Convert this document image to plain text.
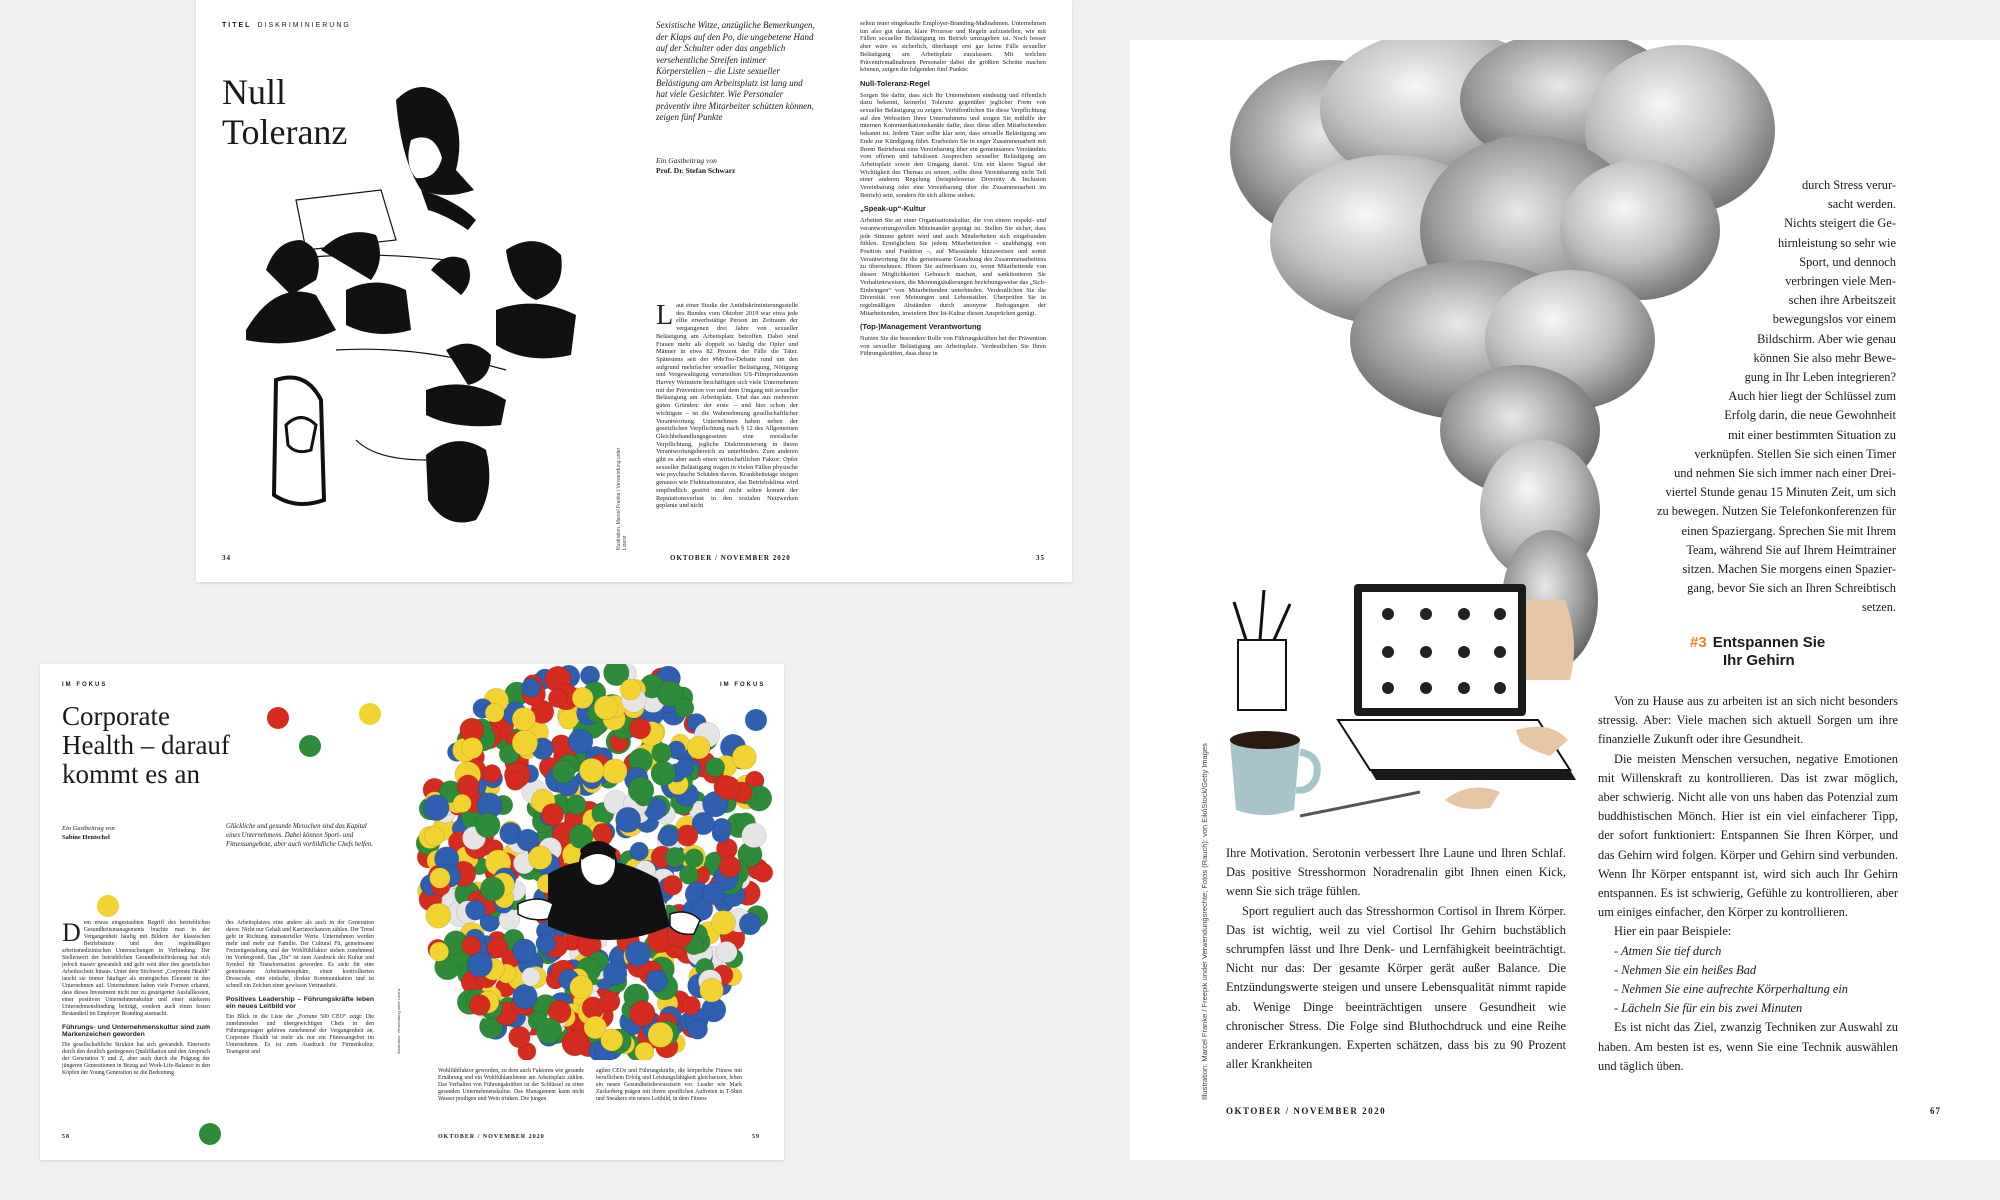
TITEL DISKRIMINIERUNG
Null
Toleranz
Illustration: Marcel Franke / Verwendung unter Lizenz
Sexistische Witze, anzügliche Bemerkungen, der Klaps auf den Po, die ungebetene Hand auf der Schulter oder das angeblich versehentliche Streifen intimer Körperstellen – die Liste sexueller Belästigung am Arbeitsplatz ist lang und hat viele Gesichter. Wie Personaler präventiv ihre Mitarbeiter schützen können, zeigen fünf Punkte
Ein Gastbeitrag von
Prof. Dr. Stefan Schwarz
Laut einer Studie der Antidiskriminierungsstelle des Bundes vom Oktober 2019 war etwa jede elfte erwerbstätige Person im Zeitraum der vergangenen drei Jahre von sexueller Belästigung am Arbeitsplatz betroffen. Dabei sind Frauen mehr als doppelt so häufig die Opfer und Männer in etwa 82 Prozent der Fälle die Täter. Spätestens seit der #MeToo-Debatte rund um den aufgrund mehrfacher sexueller Belästigung, Nötigung und Vergewaltigung verurteilten US-Filmproduzenten Harvey Weinstein beschäftigen sich viele Unternehmen mit der Prävention von und dem Umgang mit sexueller Belästigung am Arbeitsplatz. Und das aus mehreren guten Gründen: der erste – und hier schon der wichtigste – ist die Wahrnehmung gesellschaftlicher Verantwortung. Unternehmen haben neben der gesetzlichen Verpflichtung nach § 12 des Allgemeinen Gleichbehandlungsgesetzes eine moralische Verpflichtung, jegliche Diskriminierung in ihrem Verantwortungsbereich zu unterbinden. Zum anderen gibt es aber auch einen wirtschaftlichen Faktor: Opfer sexueller Belästigung tragen in vielen Fällen physische wie psychische Schäden davon. Krankheitstage steigen genauso wie Fluktuationsraten, das Betriebsklima wird empfindlich gestört und nicht selten kommt der Reputationsverlust in den sozialen Netzwerken geplante und nicht

selten teuer eingekaufte Employer-Branding-Maßnahmen. Unternehmen tun also gut daran, klare Prozesse und Regeln aufzustellen, wie mit Fällen sexueller Belästigung im Betrieb umzugehen ist. Noch besser aber wäre es sicherlich, überhaupt erst gar keine Fälle sexueller Belästigung am Arbeitsplatz zuzulassen. Mit welchen Präventivmaßnahmen Personaler dabei die größten Schritte machen können, zeigen die folgenden fünf Punkte:

Null-Toleranz-Regel

Sorgen Sie dafür, dass sich Ihr Unternehmen eindeutig und öffentlich dazu bekennt, keinerlei Toleranz gegenüber jeglicher Form von sexueller Belästigung zu zeigen. Veröffentlichen Sie diese Verpflichtung auf den Webseiten Ihres Unternehmens und sorgen Sie mithilfe der internen Kommunikationskanäle dafür, dass diese allen Mitarbeitenden bekannt ist. Jedem Täter sollte klar sein, dass sexuelle Belästigung am Ende zur Kündigung führt. Erarbeiten Sie in enger Zusammenarbeit mit Ihrem Betriebsrat eine Vereinbarung über ein gemeinsames Verständnis vom offenen und tabulosen Ansprechen sexueller Belästigung am Arbeitsplatz sowie den Umgang damit. Um ein klares Signal der Wichtigkeit des Themas zu setzen, sollte diese Vereinbarung nicht Teil einer anderen Regelung (beispielsweise Diversity & Inclusion Vereinbarung oder eine Vereinbarung über die Zusammenarbeit im Betrieb) sein, sondern für sich alleine stehen.

„Speak-up“-Kultur

Arbeiten Sie an einer Organisationskultur, die von einem respekt- und verantwortungsvollen Miteinander geprägt ist. Stellen Sie sicher, dass jede Stimme gehört wird und auch Minderheiten sich eingebunden fühlen. Ermöglichen Sie jedem Mitarbeitenden – unabhängig von Position und Funktion –, auf Missstände hinzuweisen und somit Verantwortung für die gemeinsame Gestaltung des Zusammenarbeitens zu übernehmen. Hören Sie aufmerksam zu, wenn Mitarbeitende von diesen Möglichkeiten Gebrauch machen, und sanktionieren Sie Verhaltensweisen, die Meinungsäußerungen beziehungsweise das „Sich-Einbringen“ von Mitarbeitenden unterbinden. Verdeutlichen Sie die Diversität von Meinungen und Lebensstilen. Überprüfen Sie in regelmäßigen Abständen durch anonyme Befragungen der Mitarbeitenden, inwiefern Ihre Ist-Kultur diesen Ansprüchen genügt.

(Top-)Management Verantwortung

Nutzen Sie die besondere Rolle von Führungskräften bei der Prävention von sexueller Belästigung am Arbeitsplatz. Verdeutlichen Sie Ihren Führungskräften, dass diese in

34	OKTOBER / NOVEMBER 2020	35
IM FOKUS	IM FOKUS
Corporate
Health – darauf
kommt es an
Ein Gastbeitrag von
Sabine Hentschel
Glückliche und gesunde Menschen sind das Kapital eines Unternehmens. Dabei können Sport- und Fitnessangebote, aber auch vorbildliche Chefs helfen.
Dem etwas eingestaubten Begriff des betrieblichen Gesundheitsmanagements brachte man in der Vergangenheit häufig mit Bildern der klassischen Betriebsärzte und den regelmäßigen arbeitsmedizinischen Untersuchungen in Verbindung. Der Stellenwert der betrieblichen Gesundheitsförderung hat sich jedoch massiv gewandelt und geht weit über den gesetzlichen Arbeitsschutz hinaus. Unter dem Stichwort „Corporate Health“ taucht sie immer häufiger als strategisches Element in den Unternehmen auf. Unternehmen haben viele Formen erkannt, dass dieses Investment nicht nur zu gesteigerter Ausfallkosten, einer positiven Unternehmenskultur und einer stärkeren Unternehmensbindung beiträgt, sondern auch einen festen Bestandteil im Employer Branding ausmacht.
Führungs- und Unternehmenskultur sind zum Markenzeichen geworden

Die gesellschaftliche Struktur hat sich gewandelt. Einerseits durch den deutlich gestiegenen Qualifikation und den Anspruch der Generation Y und Z, aber auch durch die Prägung der jüngeren Generationen in Bezug auf Work-Life-Balance in den Köpfen der Young Generation ist die Bedeutung

des Arbeitsplatzes eine andere als auch in der Generation davor. Nicht nur Gehalt und Karrierechancen zählen. Der Trend geht in Richtung immaterieller Werte. Unternehmen werden mehr und mehr zur Familie. Der Cultural Fit, gemeinsame Freizeitgestaltung und der Wohlfühlfaktor stehen zunehmend im Vordergrund. Das „Du“ ist zum Ausdruck der Kultur und Symbol für Transformation geworden. Es steht für eine gemeinsame Arbeitsatmosphäre, einen kontrollierten Dresscode, eine einfache, direkte Kommunikation und ist schnell ein Zeichen einer gewissen Vertrautheit.

Positives Leadership – Führungskräfte leben ein neues Leitbild vor

Ein Blick in die Liste der „Fortune 500 CEO“ zeigt: Die zunehmenden und übergewichtigen Chefs in den Führungsetagen gehören zunehmend der Vergangenheit an. Corporate Health ist mehr als nur ein Fitnessangebot im Unternehmen. Es ist zum Ausdruck für Firmenkultur, Teamgeist und	Illustration: Verwendung unter Lizenz
Wohlfühlfaktor geworden, zu dem auch Faktoren wie gesunde Ernährung und ein Wohlfühlambiente am Arbeitsplatz zählen. Das Verhalten von Führungskräften ist der Schlüssel zu einer gesunden Unternehmenskultur. Das Management kann nicht Wasser predigen und Wein trinken. Die jungen
agilen CEOs und Führungskräfte, die körperliche Fitness mit beruflichem Erfolg und Leistungsfähigkeit gleichsetzen, leben ein neues Gesundheitsbewusstsein vor. Leader wie Mark Zuckerberg prägen mit ihrem sportlichen Auftreten in T-Shirt und Sneakers ein neues Leitbild, in dem Fitness
58	OKTOBER / NOVEMBER 2020	59
Illustration: Marcel Franke / Freepik under Verwendungsrechte; Fotos (Rauch): von Eik/iStock/Getty Images
durch Stress verur-
sacht werden.
Nichts steigert die Ge-
hirnleistung so sehr wie
Sport, und dennoch
verbringen viele Men-
schen ihre Arbeitszeit
bewegungslos vor einem
Bildschirm. Aber wie genau
können Sie also mehr Bewe-
gung in Ihr Leben integrieren?
Auch hier liegt der Schlüssel zum
Erfolg darin, die neue Gewohnheit
mit einer bestimmten Situation zu
verknüpfen. Stellen Sie sich einen Timer
und nehmen Sie sich immer nach einer Drei-
viertel Stunde genau 15 Minuten Zeit, um sich
zu bewegen. Nutzen Sie Telefonkonferenzen für
einen Spaziergang. Sprechen Sie mit Ihrem
Team, während Sie auf Ihrem Heimtrainer
sitzen. Machen Sie morgens einen Spazier-
gang, bevor Sie sich an Ihren Schreibtisch
setzen.
#3 Entspannen Sie
Ihr Gehirn

Von zu Hause aus zu arbeiten ist an sich nicht besonders stressig. Aber: Viele machen sich aktuell Sorgen um ihre finanzielle Zukunft oder ihre Gesundheit.

Die meisten Menschen versuchen, negative Emotionen mit Willenskraft zu kontrollieren. Das ist zwar möglich, aber schwierig. Nicht alle von uns haben das Potenzial zum buddhistischen Mönch. Hier ist ein viel einfacherer Tipp, der sofort funktioniert: Entspannen Sie Ihren Körper, und das Gehirn wird folgen. Körper und Gehirn sind verbunden. Wenn Ihr Körper entspannt ist, wird sich auch Ihr Gehirn entspannen. Es ist schwierig, Gefühle zu kontrollieren, aber um einiges einfacher, den Körper zu kontrollieren.

Hier ein paar Beispiele:

- Atmen Sie tief durch

- Nehmen Sie ein heißes Bad

- Nehmen Sie eine aufrechte Körperhaltung ein

- Lächeln Sie für ein bis zwei Minuten

Es ist nicht das Ziel, zwanzig Techniken zur Auswahl zu haben. Am besten ist es, wenn Sie eine Technik auswählen und täglich üben.

Ihre Motivation. Serotonin verbessert Ihre Laune und Ihren Schlaf. Das positive Stresshormon Noradrenalin gibt Ihnen einen Kick, wenn Sie sich träge fühlen.

Sport reguliert auch das Stresshormon Cortisol in Ihrem Körper. Das ist wichtig, weil zu viel Cortisol Ihr Gehirn buchstäblich schrumpfen lässt und Ihre Denk- und Lernfähigkeit beeinträchtigt. Nicht nur das: Der gesamte Körper gerät außer Balance. Die Entzündungswerte steigen und unsere Lebensqualität nimmt rapide ab. Wenige Dinge beeinträchtigen unsere Gesundheit wie chronischer Stress. Die Folge sind Bluthochdruck und eine Reihe anderer Erkrankungen. Experten schätzen, dass bis zu 90 Prozent aller Krankheiten

OKTOBER / NOVEMBER 2020	67
